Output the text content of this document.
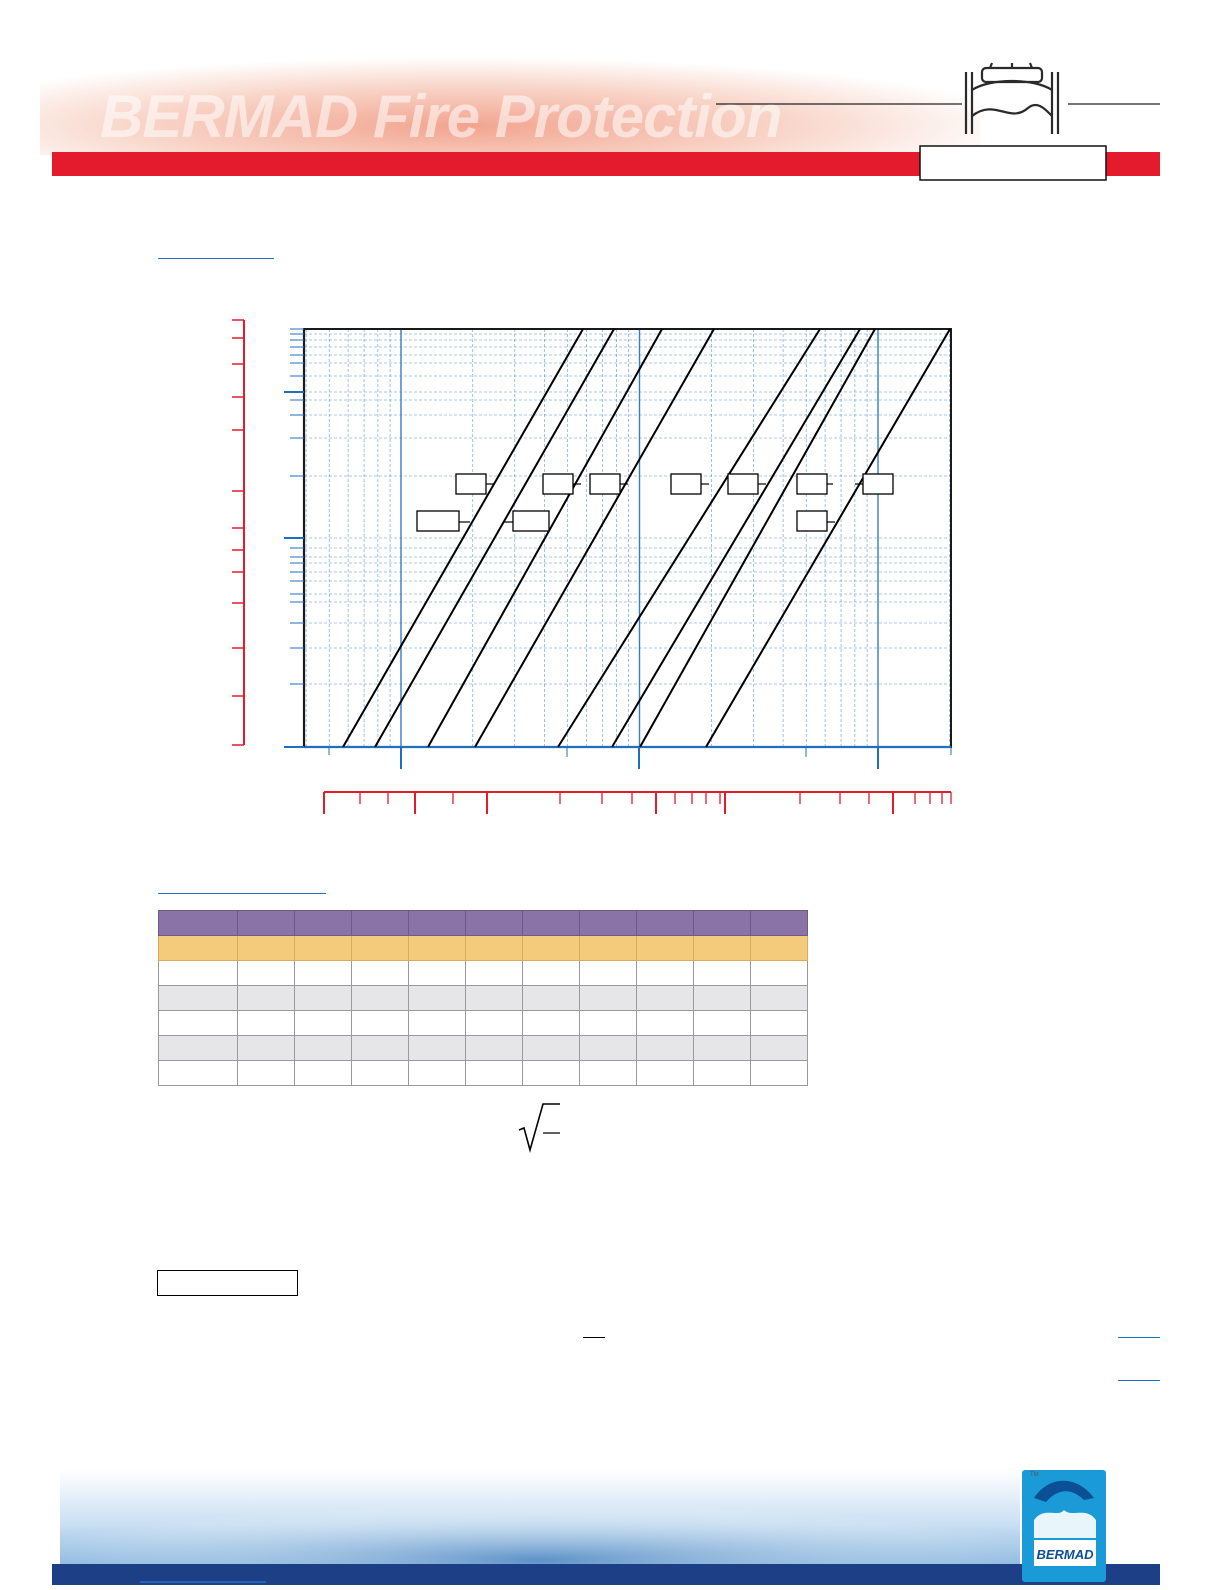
BERMAD Fire Protection

BERMAD
TM
